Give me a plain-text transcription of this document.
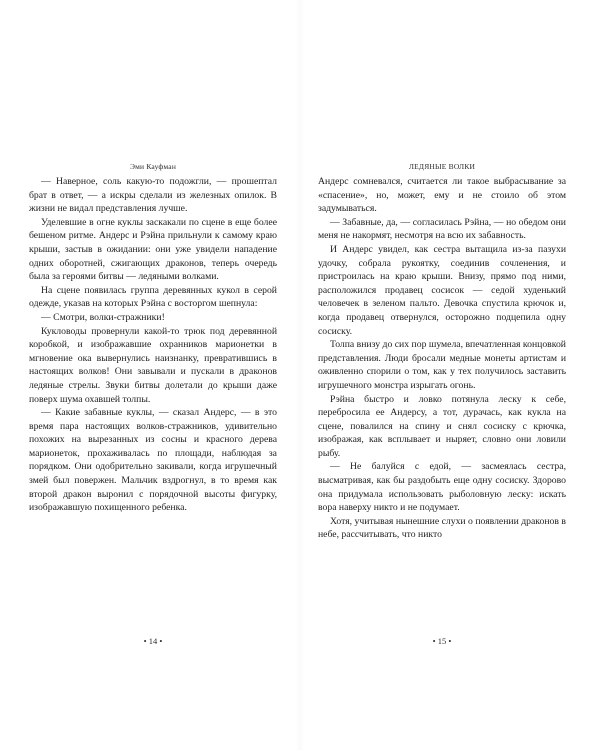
Эми Кауфман

— Наверное, соль какую-то подожгли, — прошептал брат в ответ, — а искры сделали из железных опилок. В жизни не видал представления лучше.

Уделевшие в огне куклы заскакали по сцене в еще более бешеном ритме. Андерс и Рэйна прильнули к самому краю крыши, застыв в ожидании: они уже увидели нападение одних оборотней, сжигающих драконов, теперь очередь была за героями битвы — ледяными волками.

На сцене появилась группа деревянных кукол в серой одежде, указав на которых Рэйна с восторгом шепнула:

— Смотри, волки-стражники!

Кукловоды провернули какой-то трюк под деревянной коробкой, и изображавшие охранников марионетки в мгновение ока вывернулись наизнанку, превратившись в настоящих волков! Они завывали и пускали в драконов ледяные стрелы. Звуки битвы долетали до крыши даже поверх шума охавшей толпы.

— Какие забавные куклы, — сказал Андерс, — в это время пара настоящих волков-стражников, удивительно похожих на вырезанных из сосны и красного дерева марионеток, прохаживалась по площади, наблюдая за порядком. Они одобрительно закивали, когда игрушечный змей был повержен. Мальчик вздрогнул, в то время как второй дракон выронил с порядочной высоты фигурку, изображавшую похищенного ребенка.

• 14 •
ЛЕДЯНЫЕ ВОЛКИ

Андерс сомневался, считается ли такое выбрасывание за «спасение», но, может, ему и не стоило об этом задумываться.

— Забавные, да, — согласилась Рэйна, — но обедом они меня не накормят, несмотря на всю их забавность.

И Андерс увидел, как сестра вытащила из-за пазухи удочку, собрала рукоятку, соединив сочленения, и пристроилась на краю крыши. Внизу, прямо под ними, расположился продавец сосисок — седой худенький человечек в зеленом пальто. Девочка спустила крючок и, когда продавец отвернулся, осторожно подцепила одну сосиску.

Толпа внизу до сих пор шумела, впечатленная концовкой представления. Люди бросали медные монеты артистам и оживленно спорили о том, как у тех получилось заставить игрушечного монстра изрыгать огонь.

Рэйна быстро и ловко потянула леску к себе, перебросила ее Андерсу, а тот, дурачась, как кукла на сцене, повалился на спину и снял сосиску с крючка, изображая, как всплывает и ныряет, словно они ловили рыбу.

— Не балуйся с едой, — засмеялась сестра, высматривая, как бы раздобыть еще одну сосиску. Здорово она придумала использовать рыболовную леску: искать вора наверху никто и не подумает.

Хотя, учитывая нынешние слухи о появлении драконов в небе, рассчитывать, что никто

• 15 •
